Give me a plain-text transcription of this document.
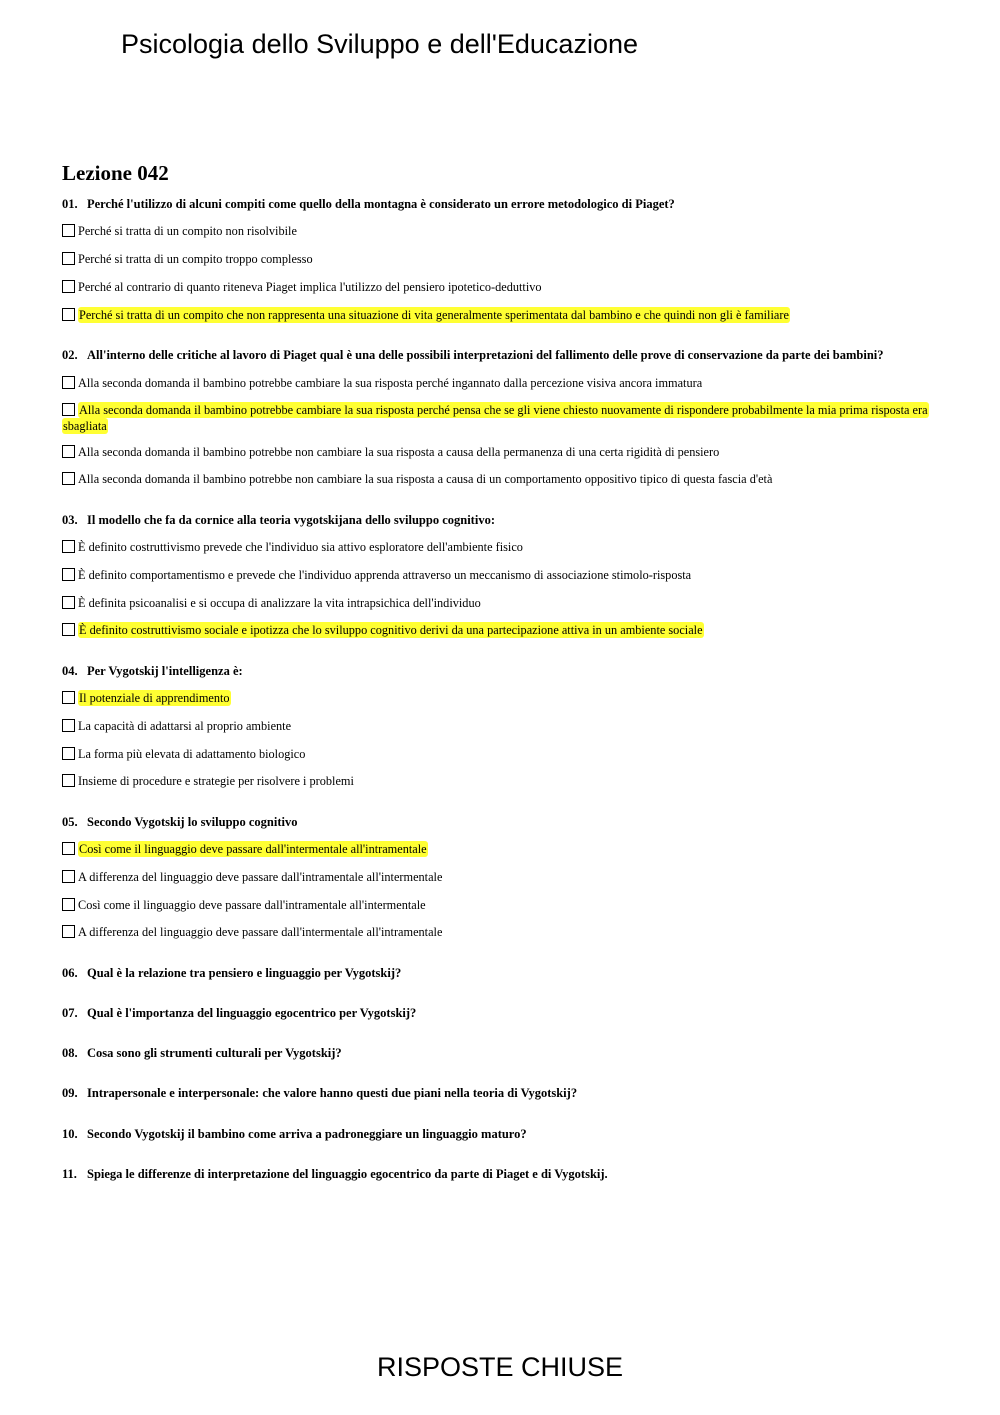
Psicologia dello Sviluppo e dell'Educazione
Lezione 042
01. Perché l'utilizzo di alcuni compiti come quello della montagna è considerato un errore metodologico di Piaget?
Perché si tratta di un compito non risolvibile
Perché si tratta di un compito troppo complesso
Perché al contrario di quanto riteneva Piaget implica l'utilizzo del pensiero ipotetico-deduttivo
Perché si tratta di un compito che non rappresenta una situazione di vita generalmente sperimentata dal bambino e che quindi non gli è familiare
02. All'interno delle critiche al lavoro di Piaget qual è una delle possibili interpretazioni del fallimento delle prove di conservazione da parte dei bambini?
Alla seconda domanda il bambino potrebbe cambiare la sua risposta perché ingannato dalla percezione visiva ancora immatura
Alla seconda domanda il bambino potrebbe cambiare la sua risposta perché pensa che se gli viene chiesto nuovamente di rispondere probabilmente la mia prima risposta era sbagliata
Alla seconda domanda il bambino potrebbe non cambiare la sua risposta a causa della permanenza di una certa rigidità di pensiero
Alla seconda domanda il bambino potrebbe non cambiare la sua risposta a causa di un comportamento oppositivo tipico di questa fascia d'età
03. Il modello che fa da cornice alla teoria vygotskijana dello sviluppo cognitivo:
È definito costruttivismo prevede che l'individuo sia attivo esploratore dell'ambiente fisico
È definito comportamentismo e prevede che l'individuo apprenda attraverso un meccanismo di associazione stimolo-risposta
È definita psicoanalisi e si occupa di analizzare la vita intrapsichica dell'individuo
È definito costruttivismo sociale e ipotizza che lo sviluppo cognitivo derivi da una partecipazione attiva in un ambiente sociale
04. Per Vygotskij l'intelligenza è:
Il potenziale di apprendimento
La capacità di adattarsi al proprio ambiente
La forma più elevata di adattamento biologico
Insieme di procedure e strategie per risolvere i problemi
05. Secondo Vygotskij lo sviluppo cognitivo
Così come il linguaggio deve passare dall'intermentale all'intramentale
A differenza del linguaggio deve passare dall'intramentale all'intermentale
Così come il linguaggio deve passare dall'intramentale all'intermentale
A differenza del linguaggio deve passare dall'intermentale all'intramentale
06. Qual è la relazione tra pensiero e linguaggio per Vygotskij?
07. Qual è l'importanza del linguaggio egocentrico per Vygotskij?
08. Cosa sono gli strumenti culturali per Vygotskij?
09. Intrapersonale e interpersonale: che valore hanno questi due piani nella teoria di Vygotskij?
10. Secondo Vygotskij il bambino come arriva a padroneggiare un linguaggio maturo?
11. Spiega le differenze di interpretazione del linguaggio egocentrico da parte di Piaget e di Vygotskij.
RISPOSTE CHIUSE
